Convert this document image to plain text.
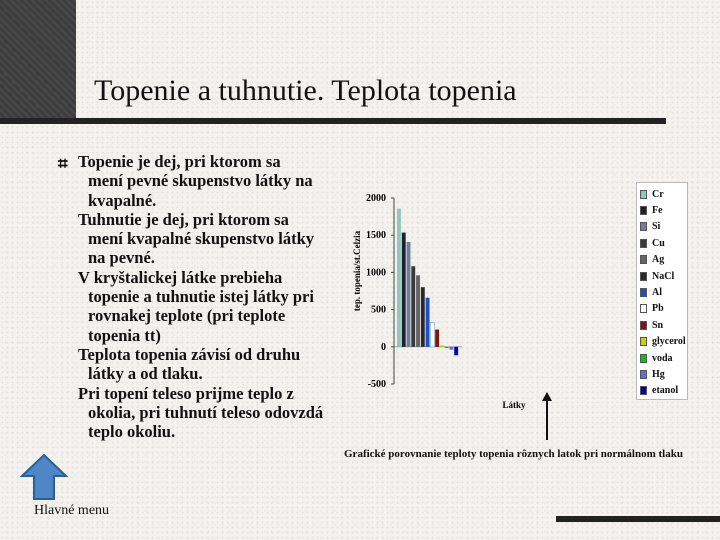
Topenie a tuhnutie. Teplota topenia
⌗ Topenie je dej, pri ktorom sa
mení pevné skupenstvo látky na
kvapalné.
Tuhnutie je dej, pri ktorom sa
mení kvapalné skupenstvo látky
na pevné.
V kryštalickej látke prebieha
topenie a tuhnutie istej látky pri
rovnakej teplote (pri teplote
topenia tt)
Teplota topenia závisí od druhu
látky a od tlaku.
Pri topení teleso prijme teplo z
okolia, pri tuhnutí teleso odovzdá
teplo okoliu.
Hlavné menu
tep. topenia/st.Celzia
Látky
-500
0
500
1000
1500
2000	Cr
Fe
Si
Cu
Ag
NaCl
Al
Pb
Sn
glycerol
voda
Hg
etanol
Grafické porovnanie teploty topenia rôznych latok pri normálnom tlaku
